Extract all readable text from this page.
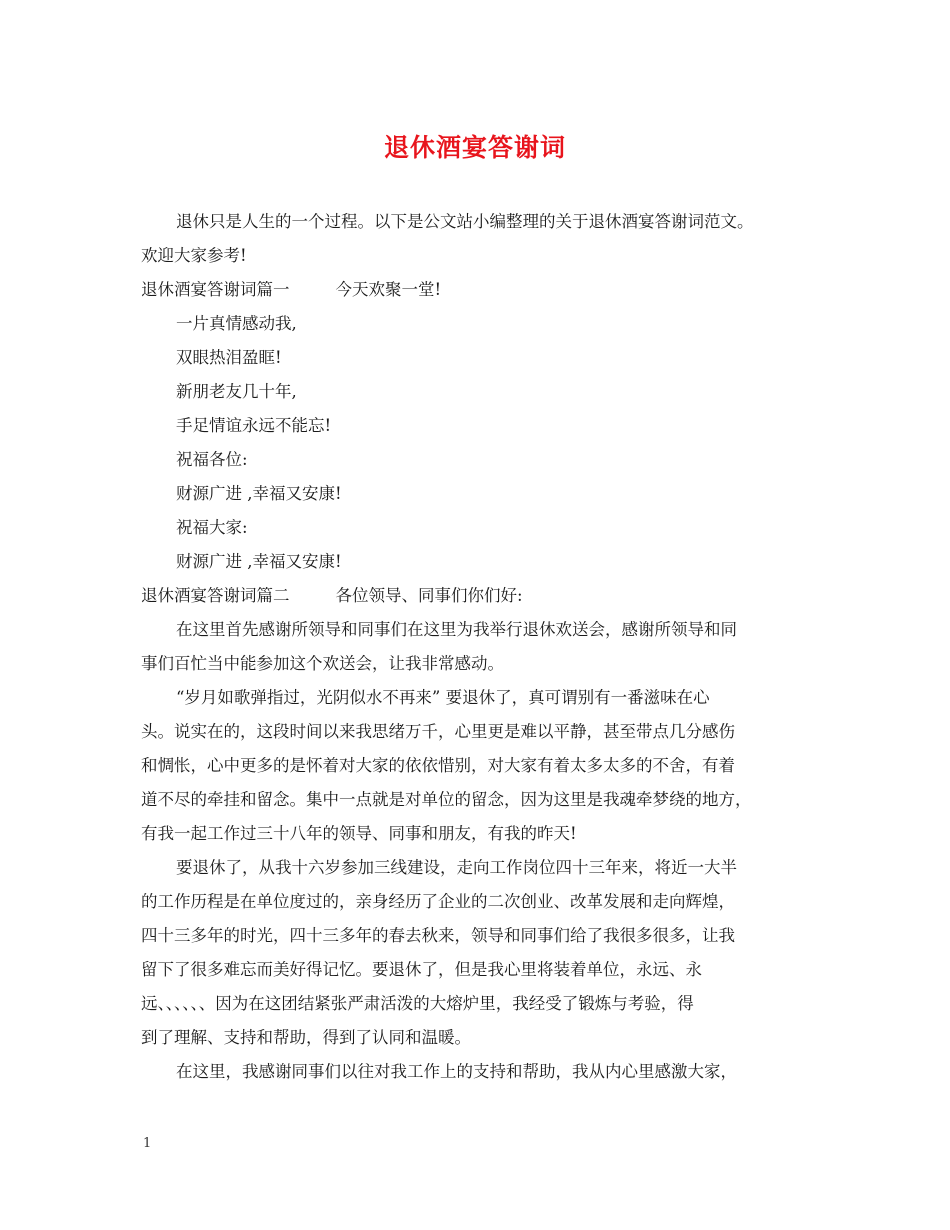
退休酒宴答谢词
退休只是人生的一个过程。以下是公文站小编整理的关于退休酒宴答谢词范文。
欢迎大家参考!
退休酒宴答谢词篇一	今天欢聚一堂!
一片真情感动我,
双眼热泪盈眶!
新朋老友几十年,
手足情谊永远不能忘!
祝福各位:
财源广进 ,幸福又安康!
祝福大家:
财源广进 ,幸福又安康!
退休酒宴答谢词篇二	各位领导、同事们你们好:
在这里首先感谢所领导和同事们在这里为我举行退休欢送会，感谢所领导和同
事们百忙当中能参加这个欢送会，让我非常感动。
“岁月如歌弹指过，光阴似水不再来” 要退休了，真可谓别有一番滋味在心
头。说实在的，这段时间以来我思绪万千，心里更是难以平静，甚至带点几分感伤
和惆怅，心中更多的是怀着对大家的依依惜别，对大家有着太多太多的不舍，有着
道不尽的牵挂和留念。集中一点就是对单位的留念，因为这里是我魂牵梦绕的地方，
有我一起工作过三十八年的领导、同事和朋友，有我的昨天!
要退休了，从我十六岁参加三线建设，走向工作岗位四十三年来，将近一大半
的工作历程是在单位度过的，亲身经历了企业的二次创业、改革发展和走向辉煌，
四十三多年的时光，四十三多年的春去秋来，领导和同事们给了我很多很多，让我
留下了很多难忘而美好得记忆。要退休了，但是我心里将装着单位，永远、永
远、、、、、、因为在这团结紧张严肃活泼的大熔炉里，我经受了锻炼与考验，得
到了理解、支持和帮助，得到了认同和温暖。
在这里，我感谢同事们以往对我工作上的支持和帮助，我从内心里感激大家，
1
